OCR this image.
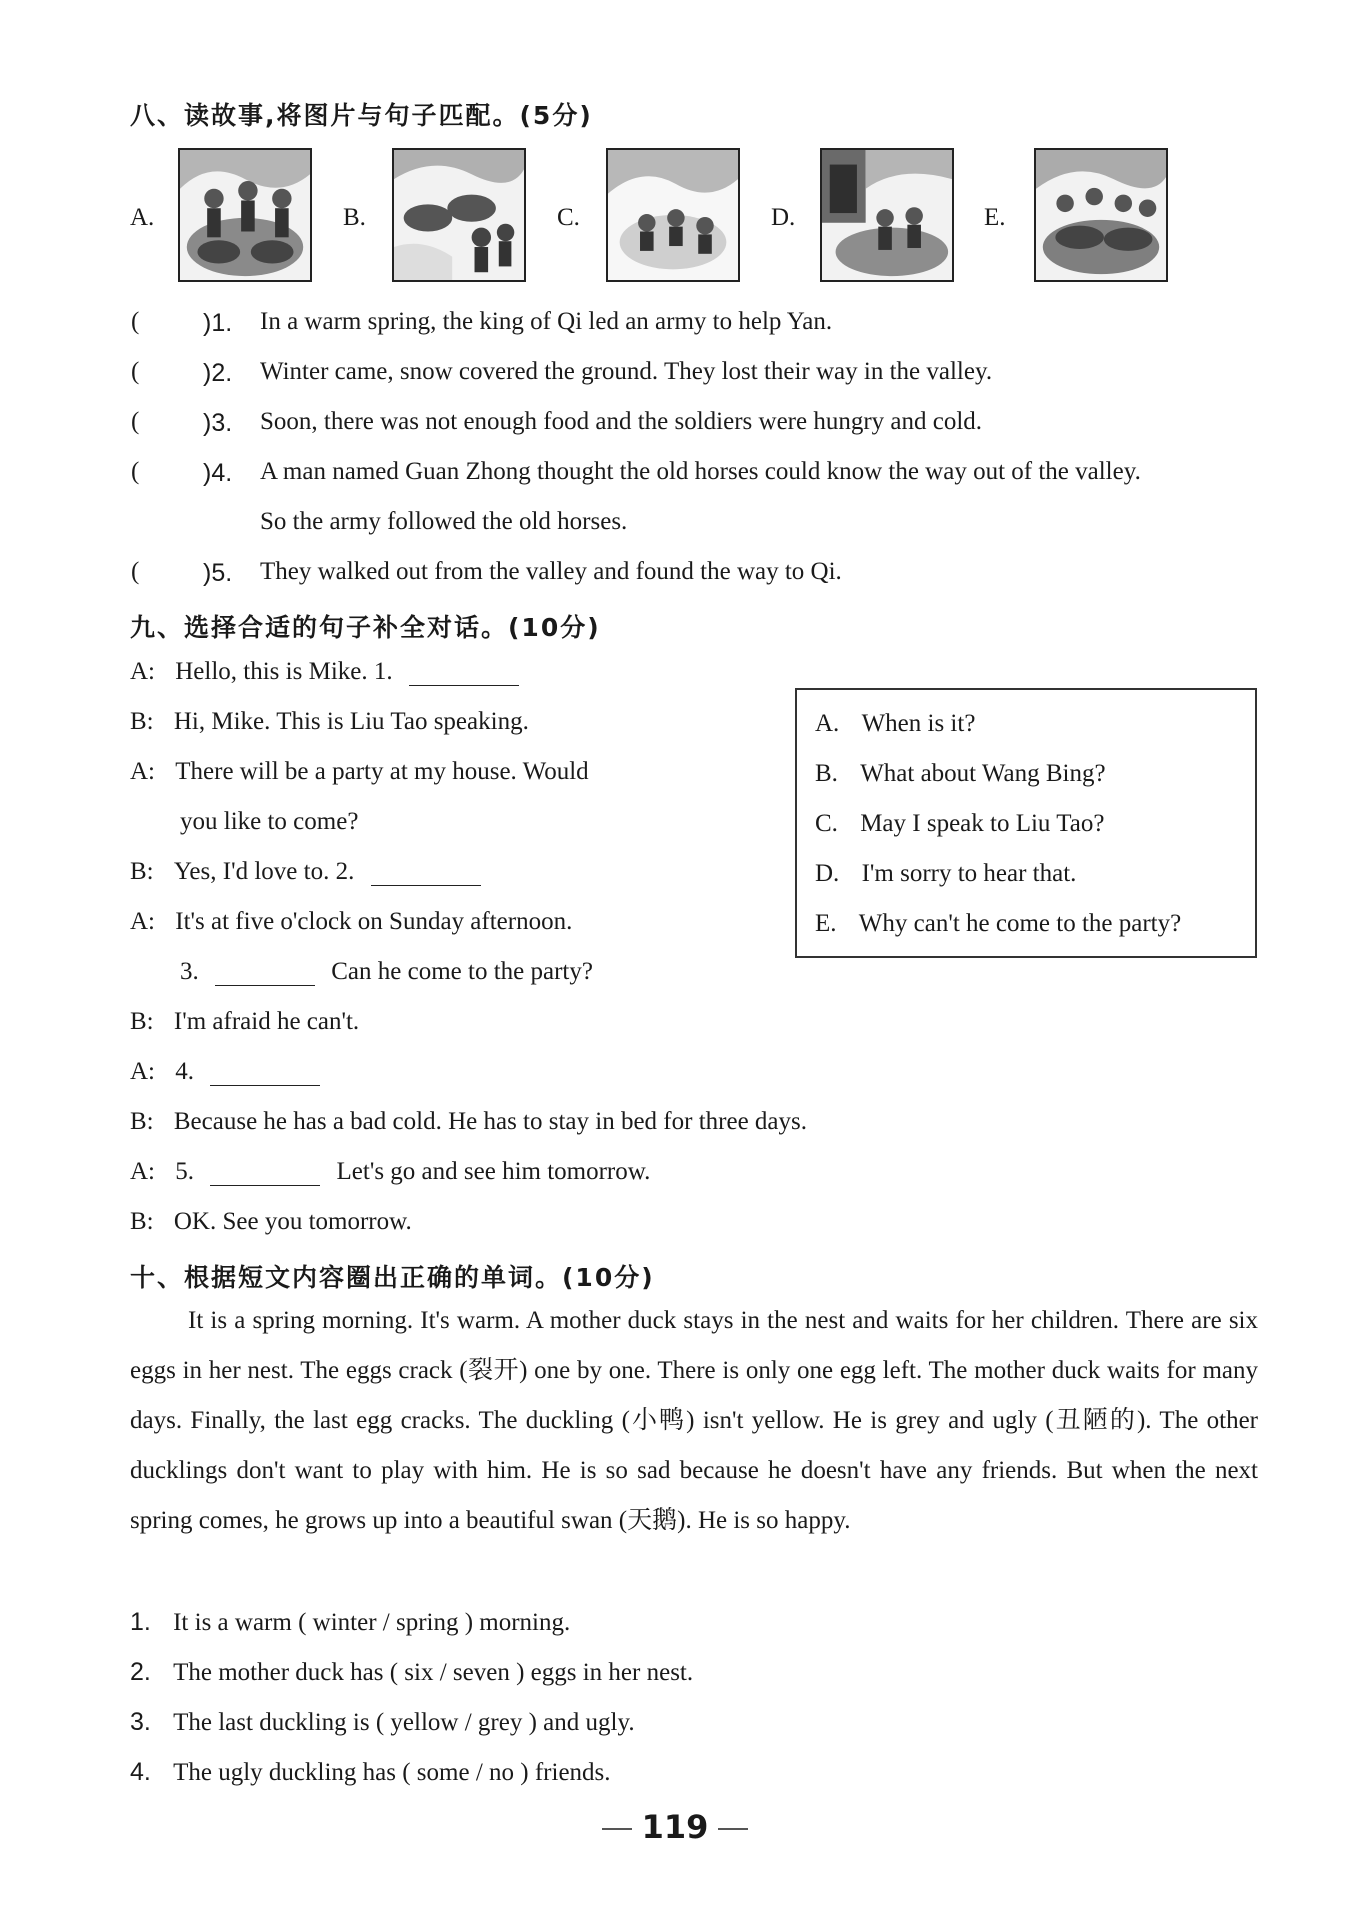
八、读故事,将图片与句子匹配。(5分)
A.	B.	C.	D.	E.
(	)1. In a warm spring, the king of Qi led an army to help Yan.
(	)2. Winter came, snow covered the ground. They lost their way in the valley.
(	)3. Soon, there was not enough food and the soldiers were hungry and cold.
(	)4. A man named Guan Zhong thought the old horses could know the way out of the valley.
So the army followed the old horses.
(	)5. They walked out from the valley and found the way to Qi.
九、选择合适的句子补全对话。(10分)
A: Hello, this is Mike. 1.
B: Hi, Mike. This is Liu Tao speaking.
A: There will be a party at my house. Would
you like to come?
B: Yes, I'd love to. 2.
A: It's at five o'clock on Sunday afternoon.
3.	Can he come to the party?
B: I'm afraid he can't.
A: 4.
B: Because he has a bad cold. He has to stay in bed for three days.
A: 5.	Let's go and see him tomorrow.
B: OK. See you tomorrow.
A. When is it?
B. What about Wang Bing?
C. May I speak to Liu Tao?
D. I'm sorry to hear that.
E. Why can't he come to the party?
十、根据短文内容圈出正确的单词。(10分)
It is a spring morning. It's warm. A mother duck stays in the nest and waits for her children. There are six eggs in her nest. The eggs crack (裂开) one by one. There is only one egg left. The mother duck waits for many days. Finally, the last egg cracks. The duckling (小鸭) isn't yellow. He is grey and ugly (丑陋的). The other ducklings don't want to play with him. He is so sad because he doesn't have any friends. But when the next spring comes, he grows up into a beautiful swan (天鹅). He is so happy.
1. It is a warm ( winter / spring ) morning.
2. The mother duck has ( six / seven ) eggs in her nest.
3. The last duckling is ( yellow / grey ) and ugly.
4. The ugly duckling has ( some / no ) friends.
119
